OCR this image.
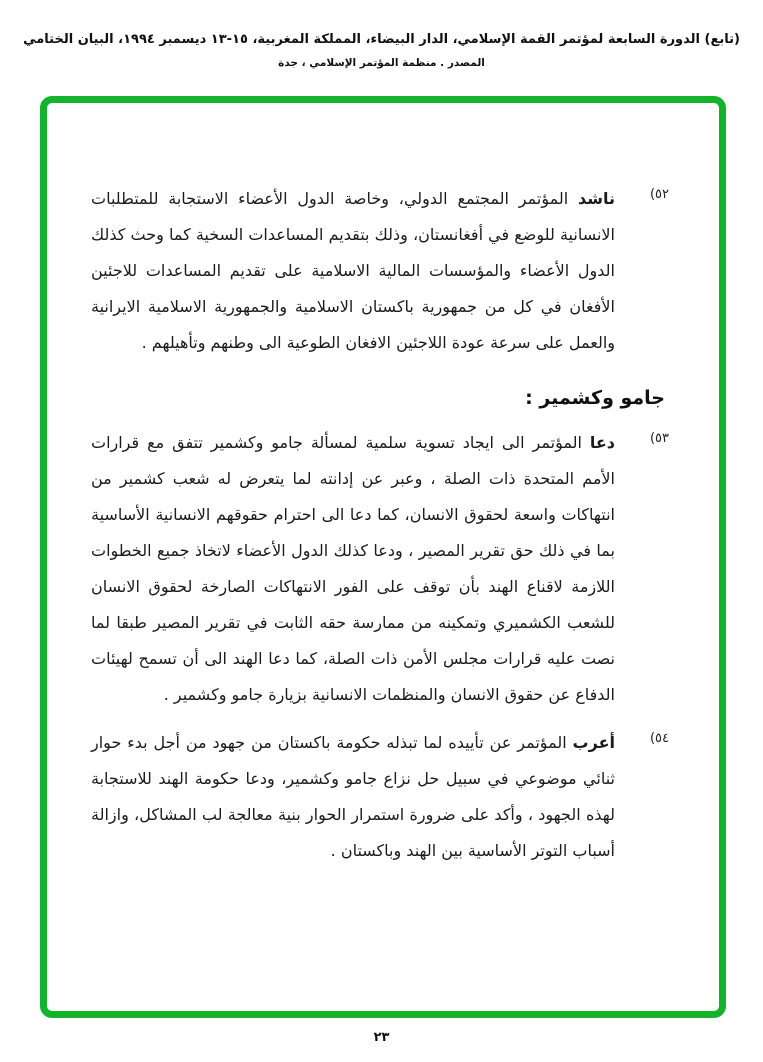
(تابع) الدورة السابعة لمؤتمر القمة الإسلامي، الدار البيضاء، المملكة المغربية، ١٣‎-‎١٥ ديسمبر ١٩٩٤، البيان الختامي
المصدر . منظمة المؤتمر الإسلامي ، جدة
(٥٢
ناشد المؤتمر المجتمع الدولي، وخاصة الدول الأعضاء الاستجابة للمتطلبات الانسانية للوضع في أفغانستان، وذلك بتقديم المساعدات السخية كما وحث كذلك الدول الأعضاء والمؤسسات المالية الاسلامية على تقديم المساعدات للاجئين الأفغان في كل من جمهورية باكستان الاسلامية والجمهورية الاسلامية الايرانية والعمل على سرعة عودة اللاجئين الافغان الطوعية الى وطنهم وتأهيلهم .
جامو وكشمير :
(٥٣
دعا المؤتمر الى ايجاد تسوية سلمية لمسألة جامو وكشمير تتفق مع قرارات الأمم المتحدة ذات الصلة ، وعبر عن إدانته لما يتعرض له شعب كشمير من انتهاكات واسعة لحقوق الانسان، كما دعا الى احترام حقوقهم الانسانية الأساسية بما في ذلك حق تقرير المصير ، ودعا كذلك الدول الأعضاء لاتخاذ جميع الخطوات اللازمة لاقناع الهند بأن توقف على الفور الانتهاكات الصارخة لحقوق الانسان للشعب الكشميري وتمكينه من ممارسة حقه الثابت في تقرير المصير طبقا لما نصت عليه قرارات مجلس الأمن ذات الصلة، كما دعا الهند الى أن تسمح لهيئات الدفاع عن حقوق الانسان والمنظمات الانسانية بزيارة جامو وكشمير .
(٥٤
أعرب المؤتمر عن تأييده لما تبذله حكومة باكستان من جهود من أجل بدء حوار ثنائي موضوعي في سبيل حل نزاع جامو وكشمير، ودعا حكومة الهند للاستجابة لهذه الجهود ، وأكد على ضرورة استمرار الحوار بنية معالجة لب المشاكل، وازالة أسباب التوتر الأساسية بين الهند وباكستان .
٢٣
